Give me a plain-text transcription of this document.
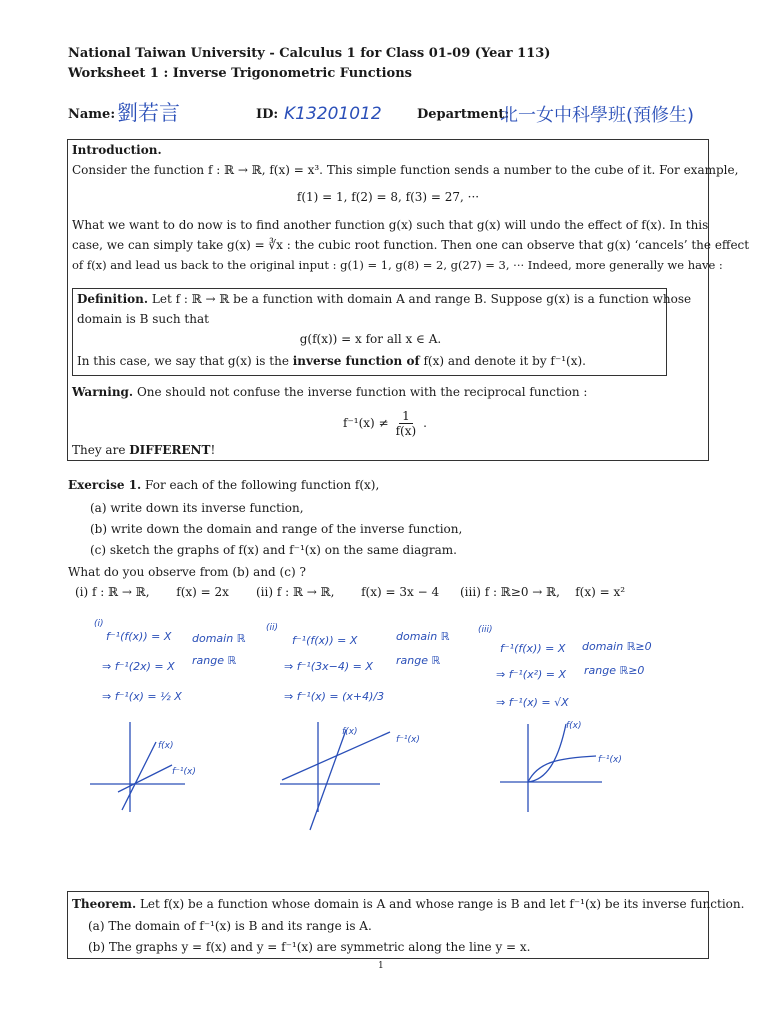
National Taiwan University - Calculus 1 for Class 01-09 (Year 113)
Worksheet 1 : Inverse Trigonometric Functions
Name: 劉若言	ID: K13201012	Department:
北一女中科學班(預修生)
Introduction.
Consider the function f : ℝ → ℝ, f(x) = x³. This simple function sends a number to the cube of it. For example,
f(1) = 1, f(2) = 8, f(3) = 27, ···
What we want to do now is to find another function g(x) such that g(x) will undo the effect of f(x). In this
case, we can simply take g(x) = ∛x : the cubic root function. Then one can observe that g(x) ‘cancels’ the effect
of f(x) and lead us back to the original input : g(1) = 1, g(8) = 2, g(27) = 3, ··· Indeed, more generally we have :
Definition. Let f : ℝ → ℝ be a function with domain A and range B. Suppose g(x) is a function whose
domain is B such that
g(f(x)) = x for all x ∈ A.
In this case, we say that g(x) is the inverse function of f(x) and denote it by f⁻¹(x).
Warning. One should not confuse the inverse function with the reciprocal function :
$f^{-1}(x) \ne \frac{1}{f(x)}$ .
They are DIFFERENT!
Exercise 1. For each of the following function f(x),
(a) write down its inverse function,
(b) write down the domain and range of the inverse function,
(c) sketch the graphs of f(x) and f⁻¹(x) on the same diagram.
What do you observe from (b) and (c) ?
(i) f : ℝ → ℝ,       f(x) = 2x (ii) f : ℝ → ℝ,       f(x) = 3x − 4 (iii) f : ℝ≥0 → ℝ,    f(x) = x²
(i)
f⁻¹(f(x)) = X
⇒ f⁻¹(2x) = X
⇒ f⁻¹(x) = ½ X
domain ℝ
range ℝ
f(x)
f⁻¹(x)
(ii)
f⁻¹(f(x)) = X
⇒ f⁻¹(3x−4) = X
⇒ f⁻¹(x) = (x+4)/3
domain ℝ
range ℝ
f(x)
f⁻¹(x)
(iii)
f⁻¹(f(x)) = X
⇒ f⁻¹(x²) = X
⇒ f⁻¹(x) = √X
domain ℝ≥0
range ℝ≥0
f(x)
f⁻¹(x)
Theorem. Let f(x) be a function whose domain is A and whose range is B and let f⁻¹(x) be its inverse function.
(a) The domain of f⁻¹(x) is B and its range is A.
(b) The graphs y = f(x) and y = f⁻¹(x) are symmetric along the line y = x.
1
